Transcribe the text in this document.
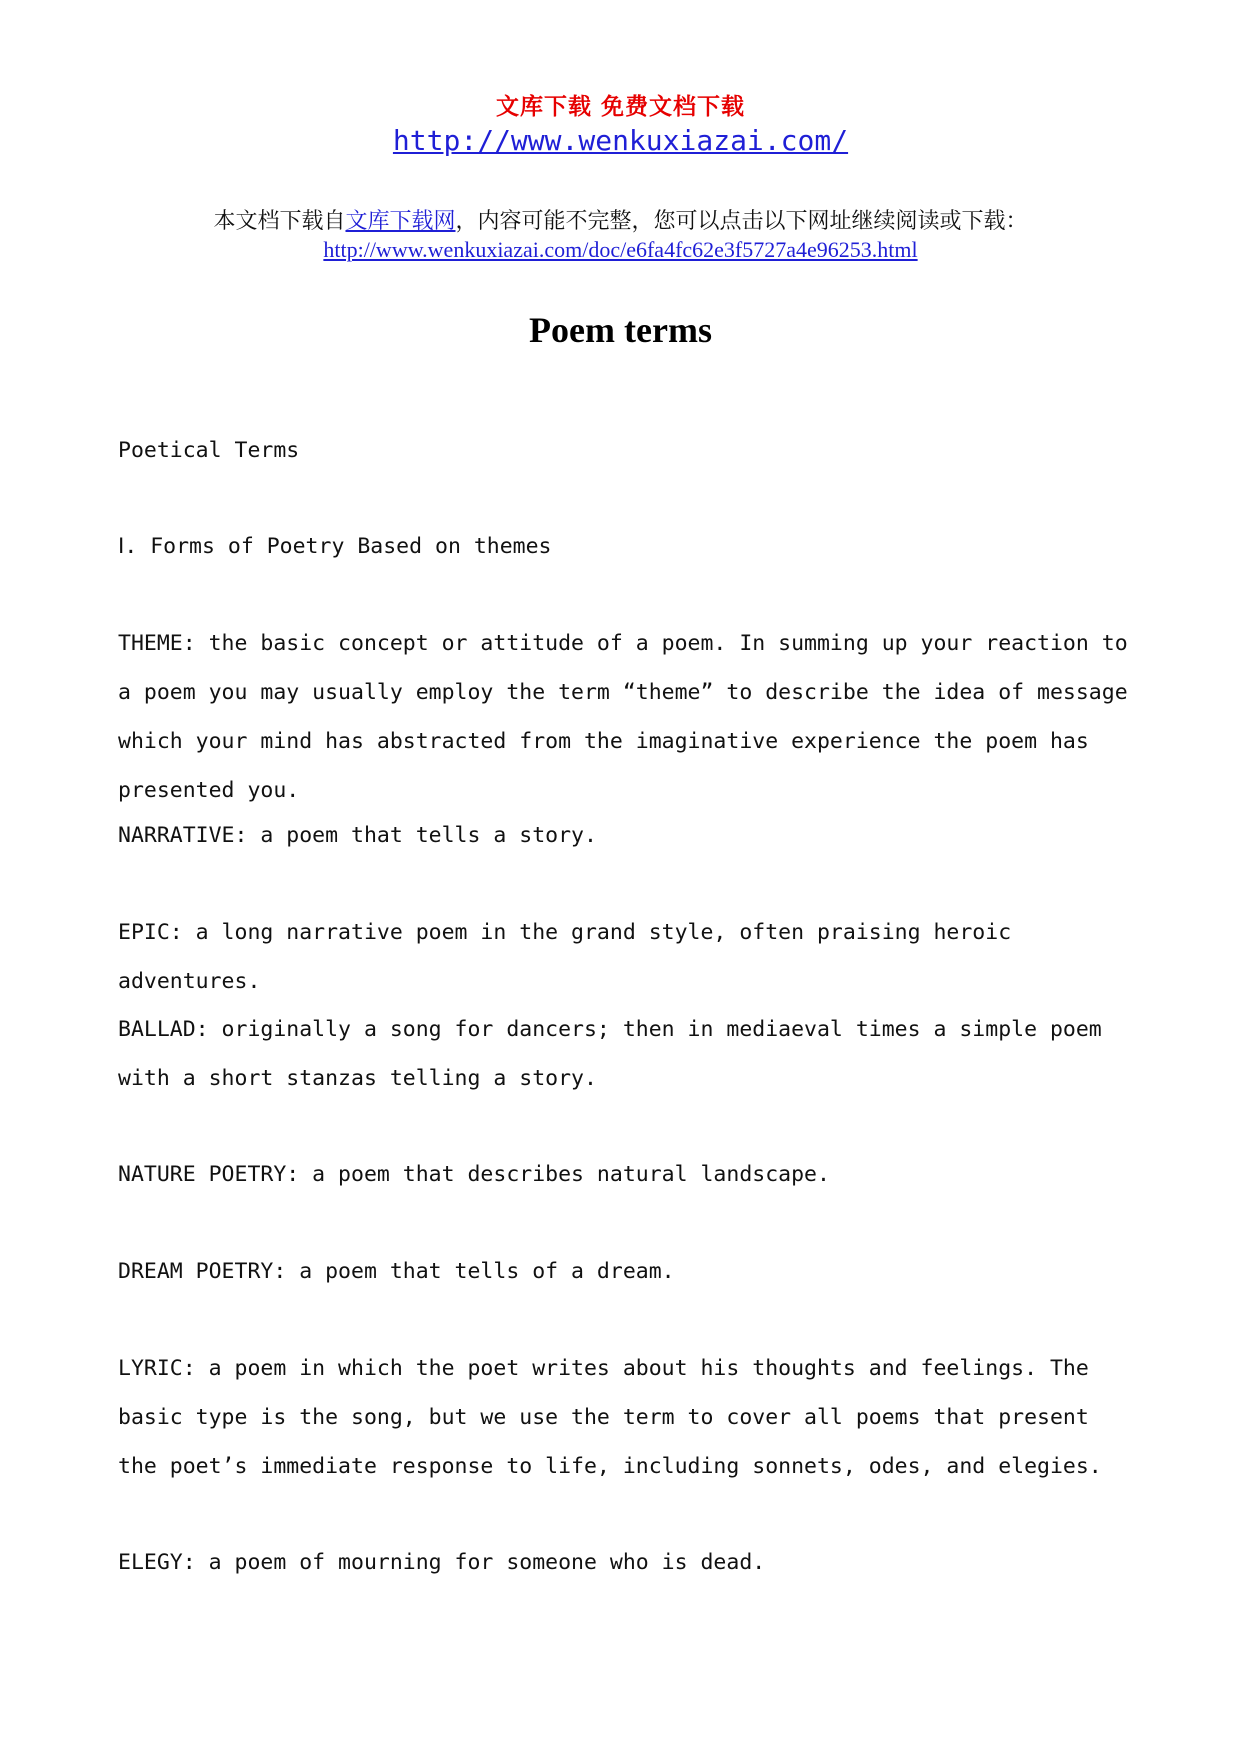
文库下载 免费文档下载
http://www.wenkuxiazai.com/
本文档下载自文库下载网，内容可能不完整，您可以点击以下网址继续阅读或下载：
http://www.wenkuxiazai.com/doc/e6fa4fc62e3f5727a4e96253.html
Poem terms

Poetical Terms

Ⅰ. Forms of Poetry Based on themes

THEME: the basic concept or attitude of a poem. In summing up your reaction to a poem you may usually employ the term “theme” to describe the idea of message which your mind has abstracted from the imaginative experience the poem has presented you.

NARRATIVE: a poem that tells a story.

EPIC: a long narrative poem in the grand style, often praising heroic adventures.

BALLAD: originally a song for dancers; then in mediaeval times a simple poem with a short stanzas telling a story.

NATURE POETRY: a poem that describes natural landscape.

DREAM POETRY: a poem that tells of a dream.

LYRIC: a poem in which the poet writes about his thoughts and feelings. The basic type is the song, but we use the term to cover all poems that present the poet’s immediate response to life, including sonnets, odes, and elegies.

ELEGY: a poem of mourning for someone who is dead.
